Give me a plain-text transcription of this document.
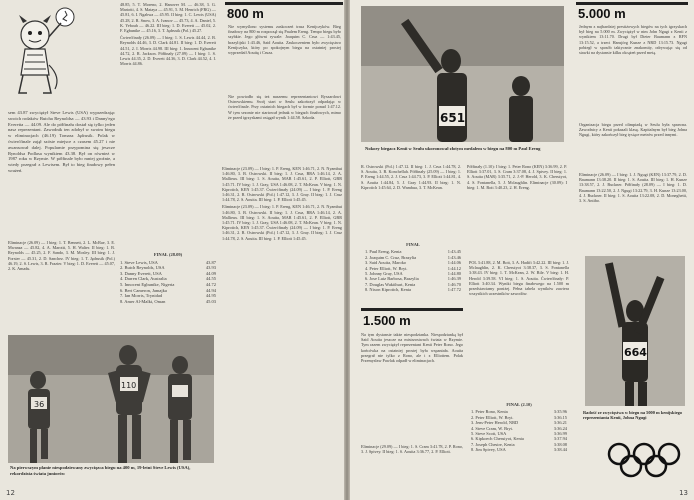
sem 43.87 zwyciężył Steve Lewis (USA) wyprzedzając swoich rodaków Butcha Reynoldsa — 43.93 i Danny'ego Everetta — 44.09. Ale do półfinału dostał się tylko jeden nasz reprezentant. Zawodnik ten zdobył w swoim biegu w eliminacjach (46.19) Tomasz Jędrusik. Polak w ćwierćfinale zajął szóste miejsce z czasem 45.27 i nie awansował dalej. Popularnie przypomina się jeszcze Rynoldsa Podlasa wynikiem 43.38. Był on również w 1987 roku w Rzymie. W półfinale było mniej groźnie, a wtedy przegrał z Lewisem. Był to bieg finałowy pełen wrażeń.

Eliminacje (26.09) — I bieg: 1. T. Bennett, 2. L. McRae, 3. E. Mwanza — 45.82, 4. A. Marotti, 5. H. Walter. II bieg: 1. B. Reynolds — 45.25, 2. F. Sando, 3. M. Mosley. III bieg: 1. J. Forster — 45.31, 2. D. Sanchez. IV bieg: 1. T. Jędrusik (Pol.) 46.19, 2. S. Lewis, 3. R. Frazier. V bieg: 1. D. Everett — 45.07, 2. K. Amadu.

48.85, 5. T. Moreno, 2. Hanover M. — 46.38, 3. G. Mariotti, 4. S. Mataya — 45.91, 5. M. Henrich (FRG) — 45.81, 6. I. Ngabwa — 45.95. II bieg: 1. C. Lewis (USA) 45.28, 2. R. Snow, 3. A. Ivanov — 45.73, 4. A. Daniel, 5. K. Yeboah — 46.22. III bieg: 1. D. Everett — 45.02, 2. F. Egbunike — 45.16, 3. T. Jędrusik (Pol.) 45.27.

Ćwierćfinały (26.09) — I bieg: 1. S. Lewis 44.44, 2. B. Reynolds 44.46, 3. D. Clark 44.81. II bieg: 1. D. Everett 44.51, 2. I. Morris 44.98. III bieg: 1. Innocent Egbunike 44.72, 2. R. Jackson. Półfinały (27.09) — I bieg: 1. S. Lewis 44.35, 2. D. Everett 44.36, 3. D. Clark 44.52, 4. I. Morris 44.86.

FINAŁ (28.09)
1. Steve Lewis, USA	43.87
2. Butch Reynolds, USA	43.93
3. Danny Everett, USA	44.09
4. Darren Clark, Australia	44.55
5. Innocent Egbunike, Nigeria	44.72
6. Bert Cameron, Jamajka	44.94
7. Ian Morris, Trynidad	44.95
8. Amer Al-Malki, Oman	45.03
800 m

Nie wymyślono systemu zaskoczeń trasa Kenijczyków. Bieg finałowy na 800 m rozpoczął się Paulem Ereng. Tempo biegu było szybkie. Jego główni rywale: Joaquim C. Cruz — 1:43.45, brazylijski 1:43.46, Said Aouita. Zaskoczeniem było zwycięstwo Kenijczyka, który po spokojnym biegu na ostatniej prostej wyprzedził Aouitę i Cruza.

Nie powiodło się też naszemu reprezentantowi Ryszardowi Ostrowskiemu. Swój start w Seulu zakończył odpadając w ćwierćfinale. Przy ostatnich biegach był w formie ponad 1:47.12. W tym sezonie nie startował jednak w biegach finałowych, mimo że przed igrzyskami osiągał wynik 1:44.58. Szkoda.

Eliminacje (23.09) — I bieg: 1. P. Ereng, KEN 1:46.71, 2. N. Nyambui 1:46.80, 3. B. Ostrowski. II bieg: 1. J. Cruz, BRA 1:46.14, 2. A. Mallieux. III bieg: 1. S. Aouita, MAR 1:45.61, 2. P. Elliott, GBR 1:45.71. IV bieg: 1. J. Gray, USA 1:46.08, 2. T. McKean. V bieg: 1. N. Kiprotich, KEN 1:45.37. Ćwierćfinały (24.09) — I bieg: 1. P. Ereng 1:46.31, 2. R. Ostrowski (Pol.) 1:47.12, 3. J. Gray. II bieg: 1. J. Cruz 1:44.78, 2. S. Aouita. III bieg: 1. P. Elliott 1:45.45.

Eliminacje (23.09) — I bieg: 1. P. Ereng, KEN 1:46.71, 2. N. Nyambui 1:46.80, 3. B. Ostrowski. II bieg: 1. J. Cruz, BRA 1:46.14, 2. A. Mallieux. III bieg: 1. S. Aouita, MAR 1:45.61, 2. P. Elliott, GBR 1:45.71. IV bieg: 1. J. Gray, USA 1:46.08, 2. T. McKean. V bieg: 1. N. Kiprotich, KEN 1:45.37. Ćwierćfinały (24.09) — I bieg: 1. P. Ereng 1:46.31, 2. R. Ostrowski (Pol.) 1:47.12, 3. J. Gray. II bieg: 1. J. Cruz 1:44.78, 2. S. Aouita. III bieg: 1. P. Elliott 1:45.45.

36
110
Na pierwszym planie niespodziewany zwycięzca biegu na 400 m, 19-letni Steve Lewis (USA), rekordzista świata juniorów
12
651
Nokoey biegacz Kenii w Seulu ukoronował złotym medalem w biegu na 800 m Paul Ereng

R. Ostrowski (Pol.) 1:47.12. II bieg: 1. J. Cruz 1:44.78, 2. S. Aouita, 3. B. Konchellah. Półfinały (25.09) — I bieg: 1. P. Ereng 1:44.55, 2. J. Cruz 1:44.73, 3. P. Elliott 1:44.81, 4. S. Aouita 1:44.84, 5. J. Gray 1:44.93. II bieg: 1. N. Kiprotich 1:45.64, 2. D. Wambua, 3. T. McKean.

FINAŁ
1. Paul Ereng, Kenia	1:43.45
2. Joaquim C. Cruz, Brazylia	1:43.46
3. Said Aouita, Maroko	1:44.06
4. Peter Elliott, W. Bryt.	1:44.12
5. Johnny Gray, USA	1:44.80
6. Jose Luiz Barbosa, Brazylia	1:46.39
7. Douglas Wakiihuri, Kenia	1:46.70
8. Nixon Kiprotich, Kenia	1:47.72
1.500 m

Na tym dystansie także niespodzianka. Niespodzianką był Said Aouita jeszcze na mistrzostwach świata w Rzymie. Tym razem zwyciężył reprezentant Kenii Peter Rono. Jego końcówka na ostatniej prostej była wspaniała. Aouita przegrał nie tylko z Rono, ale i z Elliottem. Polak Przemysław Pawlak odpadł w eliminacjach.

Eliminacje (29.09) — I bieg: 1. S. Cram 3:41.78, 2. P. Rono, 3. J. Spivey. II bieg: 1. S. Aouita 3:36.77, 2. P. Elliott.

Półfinały (1.10): I bieg: 1. Peter Rono (KEN) 3:36.99, 2. P. Elliott 3:37.01, 3. S. Cram 3:37.08, 4. J. Spivey. II bieg: 1. S. Aouita (MAR) 3:35.71, 2. J.-P. Herold, 3. K. Cheruiyot, 4. S. Fontanella, 5. J. Mclaughlin. Eliminacje (30.09): I bieg: 1. M. Boit 3:40.23, 2. H. Ereng.

POL 3:41.88, 2. M. Boit, 3. A. Hadifi 3:42.22. III bieg: 1. J. Mclaughlin, 2. K. Cheruiyot 3:38.37, 3. S. Fontanella 3:38.43. IV bieg: 1. T. McKean, 2. W. Bile. V bieg: 1. H. Herold 3:39.58. VI bieg: 1. S. Aouita. Ćwierćfinały: P. Elliott 3:40.34. Wyniki biegu finałowego na 1.500 m przedstawiamy poniżej. Pełna tabela wyników zawiera wszystkich uczestników zawodów.

FINAŁ (2.10)
1. Peter Rono, Kenia	3:35.96
2. Peter Elliott, W. Bryt.	3:36.15
3. Jens-Peter Herold, NRD	3:36.21
4. Steve Cram, W. Bryt.	3:36.24
5. Steve Scott, USA	3:36.99
6. Kipkoech Cheruiyot, Kenia	3:37.94
7. Joseph Chesire, Kenia	3:38.08
8. Jim Spivey, USA	3:38.44
5.000 m

Jednym z najbardziej prestiżowych biegów na tych igrzyskach był bieg na 5.000 m. Zwyciężył w nim John Ngugi z Kenii z wynikiem 13:11.70. Drugi był Dieter Baumann z RFN 13:15.52, a trzeci Hansjörg Kunze z NRD 13:15.73. Ngugi pobiegł w sposób taktycznie znakomity, odrywając się od stawki na dystansie kilku okrążeń przed metą.

Organizacja biegu przed olimpiadą w Seulu była sprawna. Zawodnicy z Kenii pokazali klasę. Kapitalnym był bieg Johna Ngugi, który zakończył bieg tysiące metrów przed innymi.

Eliminacje (26.09) — I bieg: 1. J. Ngugi (KEN) 13:37.79, 2. D. Baumann 13:38.20. II bieg: 1. S. Aouita. III bieg: 1. H. Kunze 13:38.57, 2. J. Buckner. Półfinały (28.09) — I bieg: 1. D. Baumann 13:22.50, 2. J. Ngugi 13:22.79, 3. H. Kunze 13:23.00, 4. J. Buckner. II bieg: 1. S. Aouita 13:22.08, 2. D. Moneghetti, 3. S. Antibo.

664
Radość ze zwycięstwa w biegu na 5000 m kenijskiego reprezentanta Kenii, Johna Ngugi
13
